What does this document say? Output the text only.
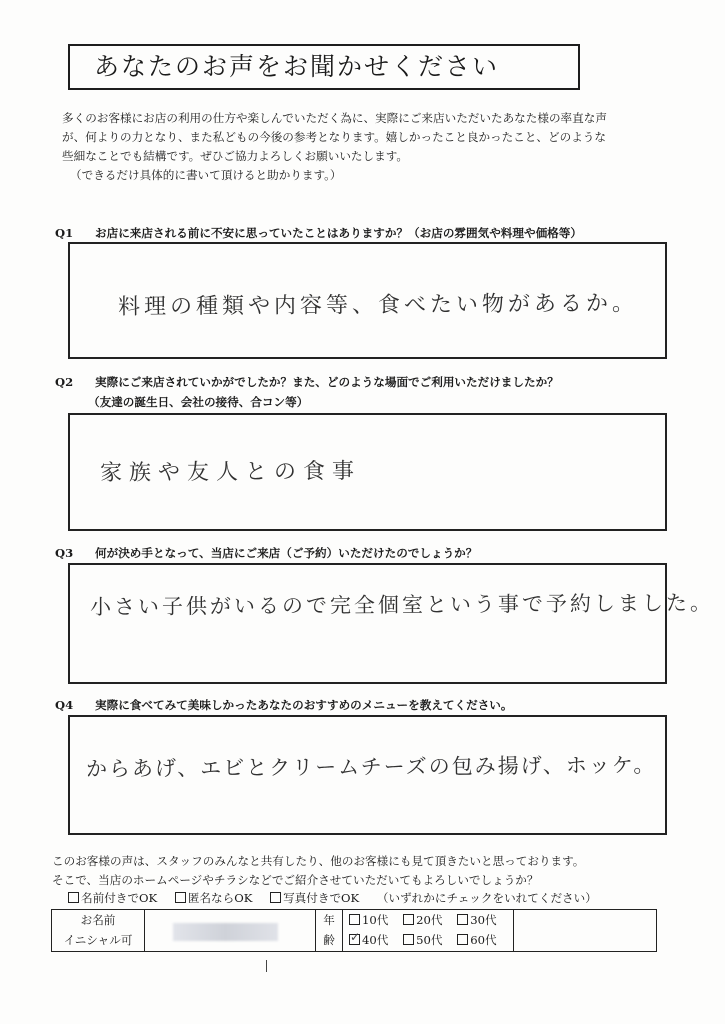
あなたのお声をお聞かせください

多くのお客様にお店の利用の仕方や楽しんでいただく為に、実際にご来店いただいたあなた様の率直な声

が、何よりの力となり、また私どもの今後の参考となります。嬉しかったこと良かったこと、どのような

些細なことでも結構です。ぜひご協力よろしくお願いいたします。

（できるだけ具体的に書いて頂けると助かります。）

Q1 お店に来店される前に不安に思っていたことはありますか？（お店の雰囲気や料理や価格等）
料理の種類や内容等、食べたい物があるか。
Q2 実際にご来店されていかがでしたか？また、どのような場面でご利用いただけましたか？
（友達の誕生日、会社の接待、合コン等）
家族や友人との食事
Q3 何が決め手となって、当店にご来店（ご予約）いただけたのでしょうか？
小さい子供がいるので完全個室という事で予約しました。
Q4 実際に食べてみて美味しかったあなたのおすすめのメニューを教えてください。
からあげ、エビとクリームチーズの包み揚げ、ホッケ。

このお客様の声は、スタッフのみんなと共有したり、他のお客様にも見て頂きたいと思っております。

そこで、当店のホームページやチラシなどでご紹介させていただいてもよろしいでしょうか？

名前付きでOK	匿名ならOK	写真付きでOK （いずれかにチェックをいれてください）
お名前		年	10代 20代 30代	
イニシャル可		齢	✓40代 50代 60代
